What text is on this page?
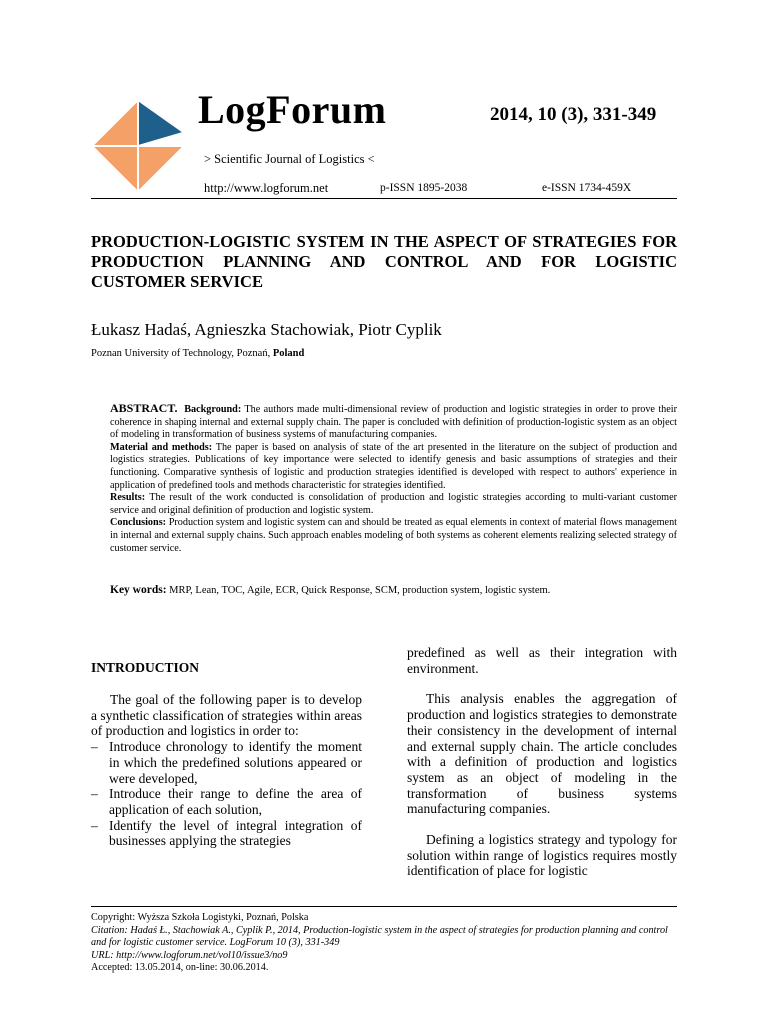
LogForum	2014, 10 (3), 331-349
> Scientific Journal of Logistics <
http://www.logforum.net	p-ISSN 1895-2038	e-ISSN 1734-459X
PRODUCTION-LOGISTIC SYSTEM IN THE ASPECT OF STRATEGIES FOR PRODUCTION PLANNING AND CONTROL AND FOR LOGISTIC CUSTOMER SERVICE
Łukasz Hadaś, Agnieszka Stachowiak, Piotr Cyplik
Poznan University of Technology, Poznań, Poland

ABSTRACT. Background: The authors made multi-dimensional review of production and logistic strategies in order to prove their coherence in shaping internal and external supply chain. The paper is concluded with definition of production-logistic system as an object of modeling in transformation of business systems of manufacturing companies.

Material and methods: The paper is based on analysis of state of the art presented in the literature on the subject of production and logistics strategies. Publications of key importance were selected to identify genesis and basic assumptions of strategies and their functioning. Comparative synthesis of logistic and production strategies identified is developed with respect to authors' experience in application of predefined tools and methods characteristic for strategies identified.

Results: The result of the work conducted is consolidation of production and logistic strategies according to multi-variant customer service and original definition of production and logistic system.

Conclusions: Production system and logistic system can and should be treated as equal elements in context of material flows management in internal and external supply chains. Such approach enables modeling of both systems as coherent elements realizing selected strategy of customer service.

Key words: MRP, Lean, TOC, Agile, ECR, Quick Response, SCM, production system, logistic system.
INTRODUCTION

The goal of the following paper is to develop a synthetic classification of strategies within areas of production and logistics in order to:

– Introduce chronology to identify the moment in which the predefined solutions appeared or were developed,
– Introduce their range to define the area of application of each solution,
– Identify the level of integral integration of businesses applying the strategies

predefined as well as their integration with environment.

This analysis enables the aggregation of production and logistics strategies to demonstrate their consistency in the development of internal and external supply chain. The article concludes with a definition of production and logistics system as an object of modeling in the transformation of business systems manufacturing companies.

Defining a logistics strategy and typology for solution within range of logistics requires mostly identification of place for logistic

Copyright: Wyższa Szkoła Logistyki, Poznań, Polska

Citation: Hadaś Ł., Stachowiak A., Cyplik P., 2014, Production-logistic system in the aspect of strategies for production planning and control and for logistic customer service. LogForum 10 (3), 331-349

URL: http://www.logforum.net/vol10/issue3/no9

Accepted: 13.05.2014, on-line: 30.06.2014.
